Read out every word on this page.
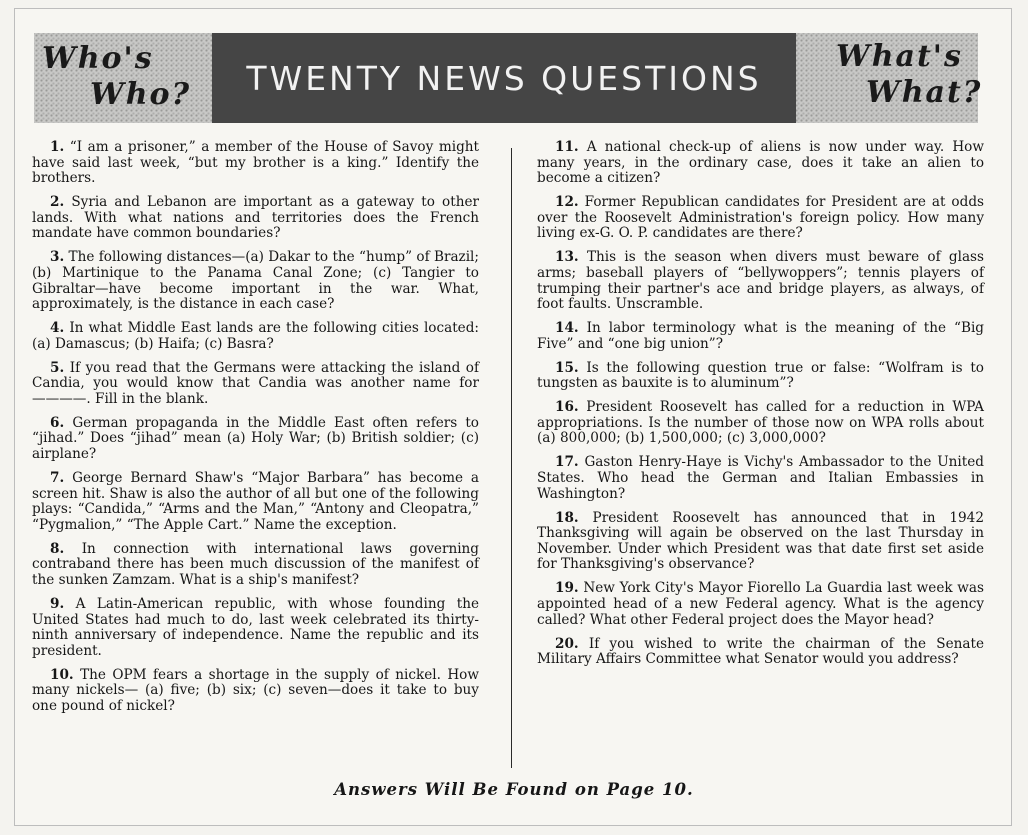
Who's
Who?	TWENTY NEWS QUESTIONS
What's
What?

1. “I am a prisoner,” a member of the House of Savoy might have said last week, “but my brother is a king.” Identify the brothers.

2. Syria and Lebanon are important as a gateway to other lands. With what nations and territories does the French mandate have common boundaries?

3. The following distances—(a) Dakar to the “hump” of Brazil; (b) Martinique to the Panama Canal Zone; (c) Tangier to Gibraltar—have become important in the war. What, approximately, is the distance in each case?

4. In what Middle East lands are the following cities located: (a) Damascus; (b) Haifa; (c) Basra?

5. If you read that the Germans were attacking the island of Candia, you would know that Candia was another name for ————. Fill in the blank.

6. German propaganda in the Middle East often refers to “jihad.” Does “jihad” mean (a) Holy War; (b) British soldier; (c) airplane?

7. George Bernard Shaw's “Major Barbara” has become a screen hit. Shaw is also the author of all but one of the following plays: “Candida,” “Arms and the Man,” “Antony and Cleopatra,” “Pygmalion,” “The Apple Cart.” Name the exception.

8. In connection with international laws governing contraband there has been much discussion of the manifest of the sunken Zamzam. What is a ship's manifest?

9. A Latin-American republic, with whose founding the United States had much to do, last week celebrated its thirty-ninth anniversary of independence. Name the republic and its president.

10. The OPM fears a shortage in the supply of nickel. How many nickels— (a) five; (b) six; (c) seven—does it take to buy one pound of nickel?

11. A national check-up of aliens is now under way. How many years, in the ordinary case, does it take an alien to become a citizen?

12. Former Republican candidates for President are at odds over the Roosevelt Administration's foreign policy. How many living ex-G. O. P. candidates are there?

13. This is the season when divers must beware of glass arms; baseball players of “bellywoppers”; tennis players of trumping their partner's ace and bridge players, as always, of foot faults. Unscramble.

14. In labor terminology what is the meaning of the “Big Five” and “one big union”?

15. Is the following question true or false: “Wolfram is to tungsten as bauxite is to aluminum”?

16. President Roosevelt has called for a reduction in WPA appropriations. Is the number of those now on WPA rolls about (a) 800,000; (b) 1,500,000; (c) 3,000,000?

17. Gaston Henry-Haye is Vichy's Ambassador to the United States. Who head the German and Italian Embassies in Washington?

18. President Roosevelt has announced that in 1942 Thanksgiving will again be observed on the last Thursday in November. Under which President was that date first set aside for Thanksgiving's observance?

19. New York City's Mayor Fiorello La Guardia last week was appointed head of a new Federal agency. What is the agency called? What other Federal project does the Mayor head?

20. If you wished to write the chairman of the Senate Military Affairs Committee what Senator would you address?

Answers Will Be Found on Page 10.
